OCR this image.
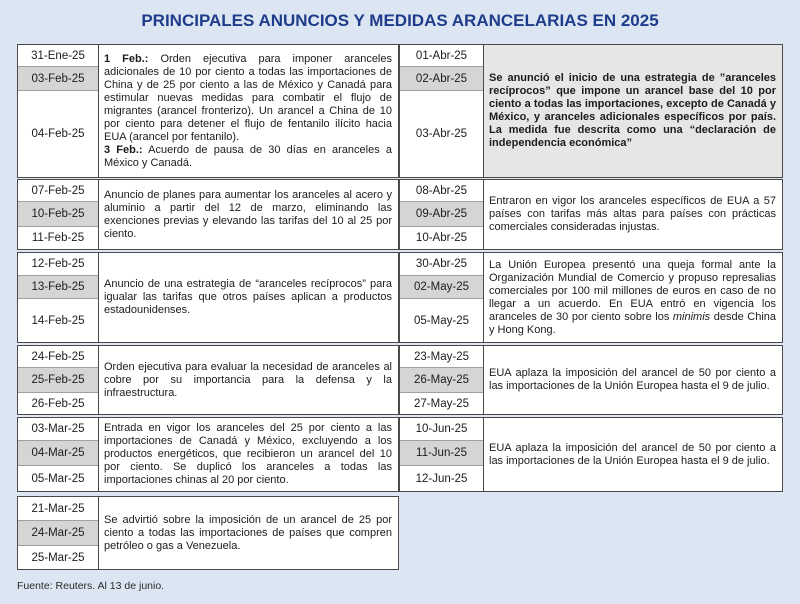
PRINCIPALES ANUNCIOS Y MEDIDAS ARANCELARIAS EN 2025
31-Ene-25
03-Feb-25
04-Feb-25
1 Feb.: Orden ejecutiva para imponer aranceles adicionales de 10 por ciento a todas las importaciones de China y de 25 por ciento a las de México y Canadá para estimular nuevas medidas para combatir el flujo de migrantes (arancel fronterizo). Un arancel a China de 10 por ciento para detener el flujo de fentanilo ilícito hacia EUA (arancel por fentanilo).
3 Feb.: Acuerdo de pausa de 30 días en aranceles a México y Canadá.
07-Feb-25
10-Feb-25
11-Feb-25
Anuncio de planes para aumentar los aranceles al acero y aluminio a partir del 12 de marzo, eliminando las exenciones previas y elevando las tarifas del 10 al 25 por ciento.
12-Feb-25
13-Feb-25
14-Feb-25
Anuncio de una estrategia de “aranceles recíprocos” para igualar las tarifas que otros países aplican a productos estadounidenses.
24-Feb-25
25-Feb-25
26-Feb-25
Orden ejecutiva para evaluar la necesidad de aranceles al cobre por su importancia para la defensa y la infraestructura.
03-Mar-25
04-Mar-25
05-Mar-25
Entrada en vigor los aranceles del 25 por ciento a las importaciones de Canadá y México, excluyendo a los productos energéticos, que recibieron un arancel del 10 por ciento. Se duplicó los aranceles a todas las importaciones chinas al 20 por ciento.
21-Mar-25
24-Mar-25
25-Mar-25
Se advirtió sobre la imposición de un arancel de 25 por ciento a todas las importaciones de países que compren petróleo o gas a Venezuela.
01-Abr-25
02-Abr-25
03-Abr-25
Se anunció el inicio de una estrategia de ”aranceles recíprocos” que impone un arancel base del 10 por ciento a todas las importaciones, excepto de Canadá y México, y aranceles adicionales específicos por país. La medida fue descrita como una “declaración de independencia económica”
08-Abr-25
09-Abr-25
10-Abr-25
Entraron en vigor los aranceles específicos de EUA a 57 países con tarifas más altas para países con prácticas comerciales consideradas injustas.
30-Abr-25
02-May-25
05-May-25
La Unión Europea presentó una queja formal ante la Organización Mundial de Comercio y propuso represalias comerciales por 100 mil millones de euros en caso de no llegar a un acuerdo. En EUA entró en vigencia los aranceles de 30 por ciento sobre los minimis desde China y Hong Kong.
23-May-25
26-May-25
27-May-25
EUA aplaza la imposición del arancel de 50 por ciento a las importaciones de la Unión Europea hasta el 9 de julio.
10-Jun-25
11-Jun-25
12-Jun-25
EUA aplaza la imposición del arancel de 50 por ciento a las importaciones de la Unión Europea hasta el 9 de julio.
Fuente: Reuters. Al 13 de junio.
